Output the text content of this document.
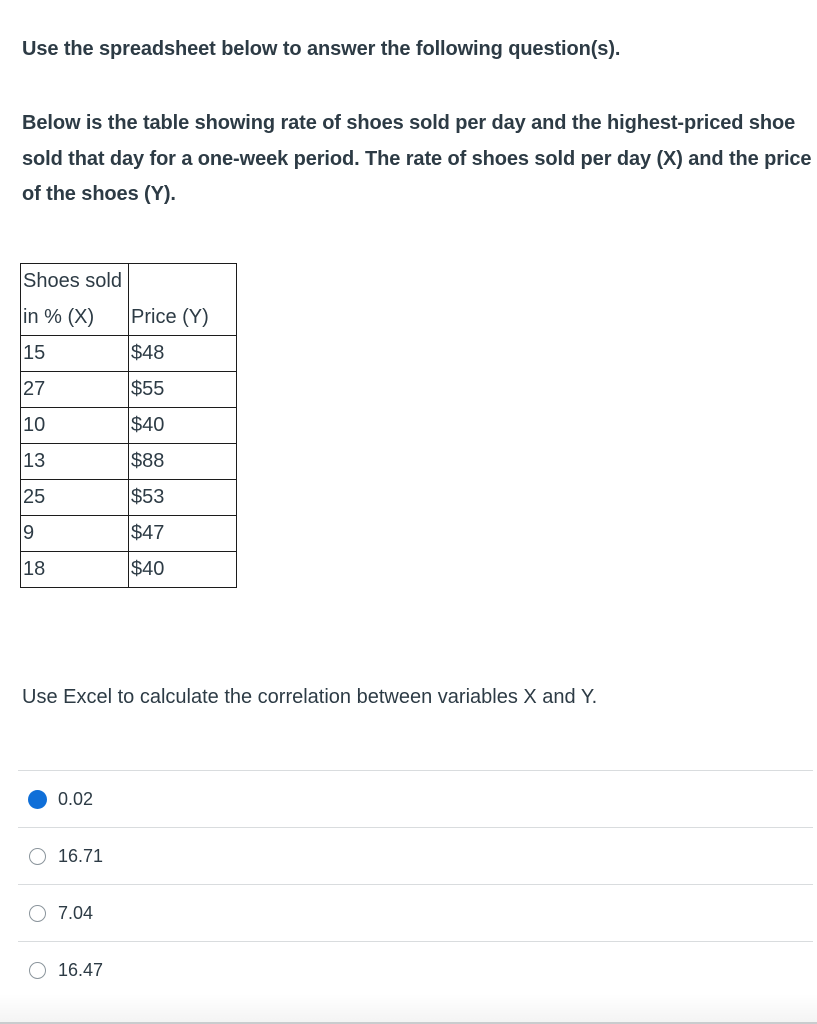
Use the spreadsheet below to answer the following question(s).
Below is the table showing rate of shoes sold per day and the highest-priced shoe sold that day for a one-week period. The rate of shoes sold per day (X) and the price of the shoes (Y).
Shoes sold in % (X)	Price (Y)
15	$48
27	$55
10	$40
13	$88
25	$53
9	$47
18	$40
Use Excel to calculate the correlation between variables X and Y.
0.02
16.71
7.04
16.47
